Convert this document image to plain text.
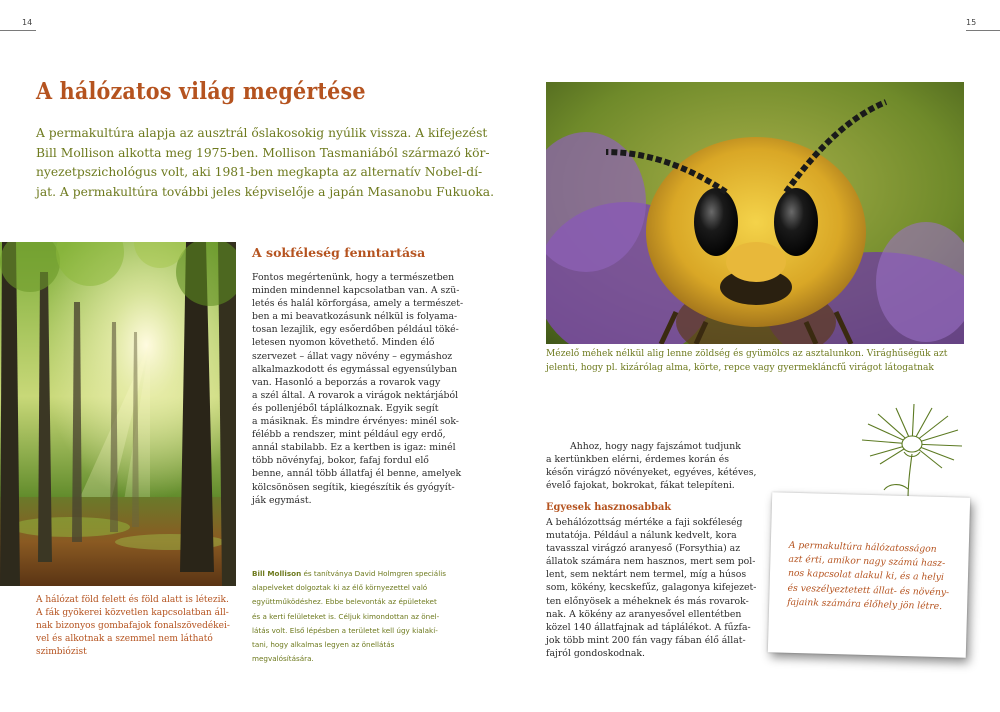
14	15
A hálózatos világ megértése

A permakultúra alapja az ausztrál őslakosokig nyúlik vissza. A kifejezést

Bill Mollison alkotta meg 1975-ben. Mollison Tasmaniából származó kör-

nyezetpszichológus volt, aki 1981-ben megkapta az alternatív Nobel-dí-

jat. A permakultúra további jeles képviselője a japán Masanobu Fukuoka.

A sokféleség fenntartása

Fontos megértenünk, hogy a természetben

minden mindennel kapcsolatban van. A szü-

letés és halál körforgása, amely a természet-

ben a mi beavatkozásunk nélkül is folyama-

tosan lezajlik, egy esőerdőben például töké-

letesen nyomon követhető. Minden élő

szervezet – állat vagy növény – egymáshoz

alkalmazkodott és egymással egyensúlyban

van. Hasonló a beporzás a rovarok vagy

a szél által. A rovarok a virágok nektárjából

és pollenjéből táplálkoznak. Egyik segít

a másiknak. És mindre érvényes: minél sok-

félébb a rendszer, mint például egy erdő,

annál stabilabb. Ez a kertben is igaz: minél

több növényfaj, bokor, fafaj fordul elő

benne, annál több állatfaj él benne, amelyek

kölcsönösen segítik, kiegészítik és gyógyít-

ják egymást.

A hálózat föld felett és föld alatt is létezik.

A fák gyökerei közvetlen kapcsolatban áll-

nak bizonyos gombafajok fonalszövedékei-

vel és alkotnak a szemmel nem látható

szimbiózist

Bill Mollison és tanítványa David Holmgren speciális

alapelveket dolgoztak ki az élő környezettel való

együttműködéshez. Ebbe belevonták az épületeket

és a kerti felületeket is. Céljuk kimondottan az önel-

látás volt. Első lépésben a területet kell úgy kialakí-

tani, hogy alkalmas legyen az önellátás

megvalósítására.

Mézelő méhek nélkül alig lenne zöldség és gyümölcs az asztalunkon. Virághűségük azt

jelenti, hogy pl. kizárólag alma, körte, repce vagy gyermekláncfű virágot látogatnak

Ahhoz, hogy nagy fajszámot tudjunk

a kertünkben elérni, érdemes korán és

későn virágzó növényeket, egyéves, kétéves,

évelő fajokat, bokrokat, fákat telepíteni.

Egyesek hasznosabbak

A behálózottság mértéke a faji sokféleség

mutatója. Például a nálunk kedvelt, kora

tavasszal virágzó aranyeső (Forsythia) az

állatok számára nem hasznos, mert sem pol-

lent, sem nektárt nem termel, míg a húsos

som, kökény, kecskefűz, galagonya kifejezet-

ten előnyösek a méheknek és más rovarok-

nak. A kökény az aranyesővel ellentétben

közel 140 állatfajnak ad táplálékot. A fűzfa-

jok több mint 200 fán vagy fában élő állat-

fajról gondoskodnak.

A permakultúra hálózatosságon

azt érti, amikor nagy számú hasz-

nos kapcsolat alakul ki, és a helyi

és veszélyeztetett állat- és növény-

fajaink számára élőhely jön létre.
